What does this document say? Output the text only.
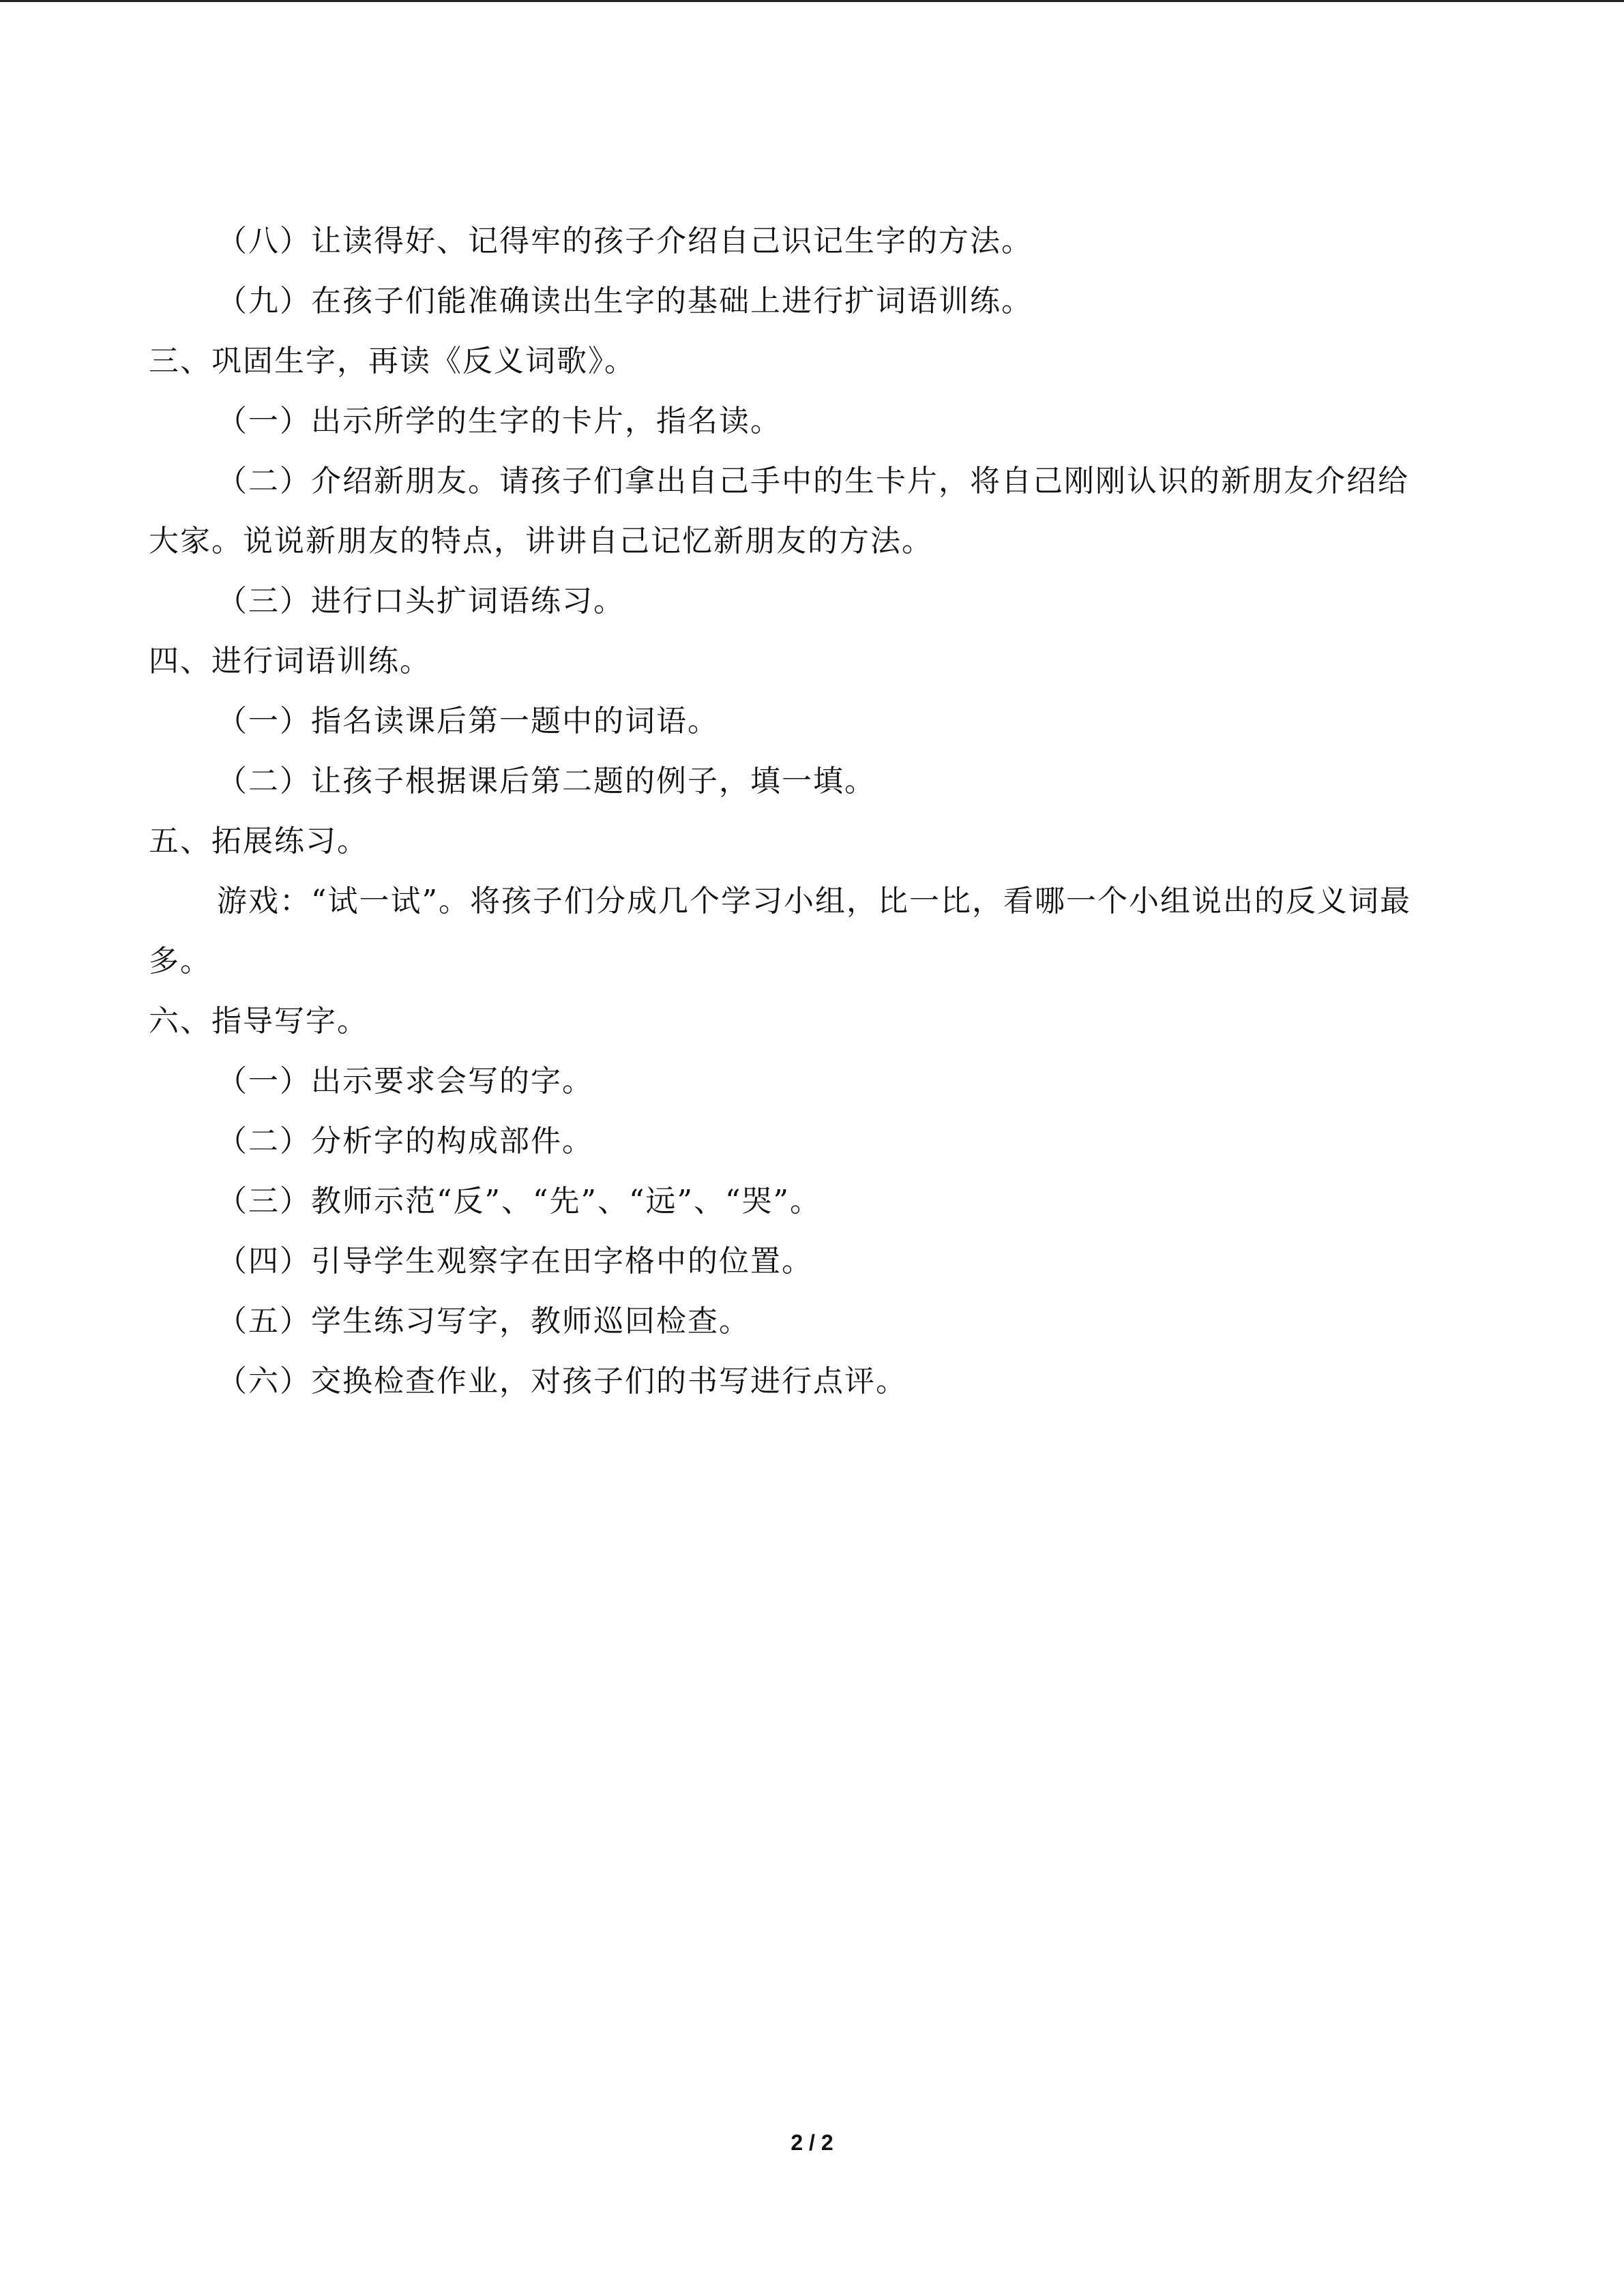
（八）让读得好、记得牢的孩子介绍自己识记生字的方法。
（九）在孩子们能准确读出生字的基础上进行扩词语训练。
三、巩固生字，再读《反义词歌》。
（一）出示所学的生字的卡片，指名读。
（二）介绍新朋友。请孩子们拿出自己手中的生卡片，将自己刚刚认识的新朋友介绍给
大家。说说新朋友的特点，讲讲自己记忆新朋友的方法。
（三）进行口头扩词语练习。
四、进行词语训练。
（一）指名读课后第一题中的词语。
（二）让孩子根据课后第二题的例子，填一填。
五、拓展练习。
游戏：“试一试”。将孩子们分成几个学习小组，比一比，看哪一个小组说出的反义词最
多。
六、指导写字。
（一）出示要求会写的字。
（二）分析字的构成部件。
（三）教师示范“反”、“先”、“远”、“哭”。
（四）引导学生观察字在田字格中的位置。
（五）学生练习写字，教师巡回检查。
（六）交换检查作业，对孩子们的书写进行点评。
2 / 2
